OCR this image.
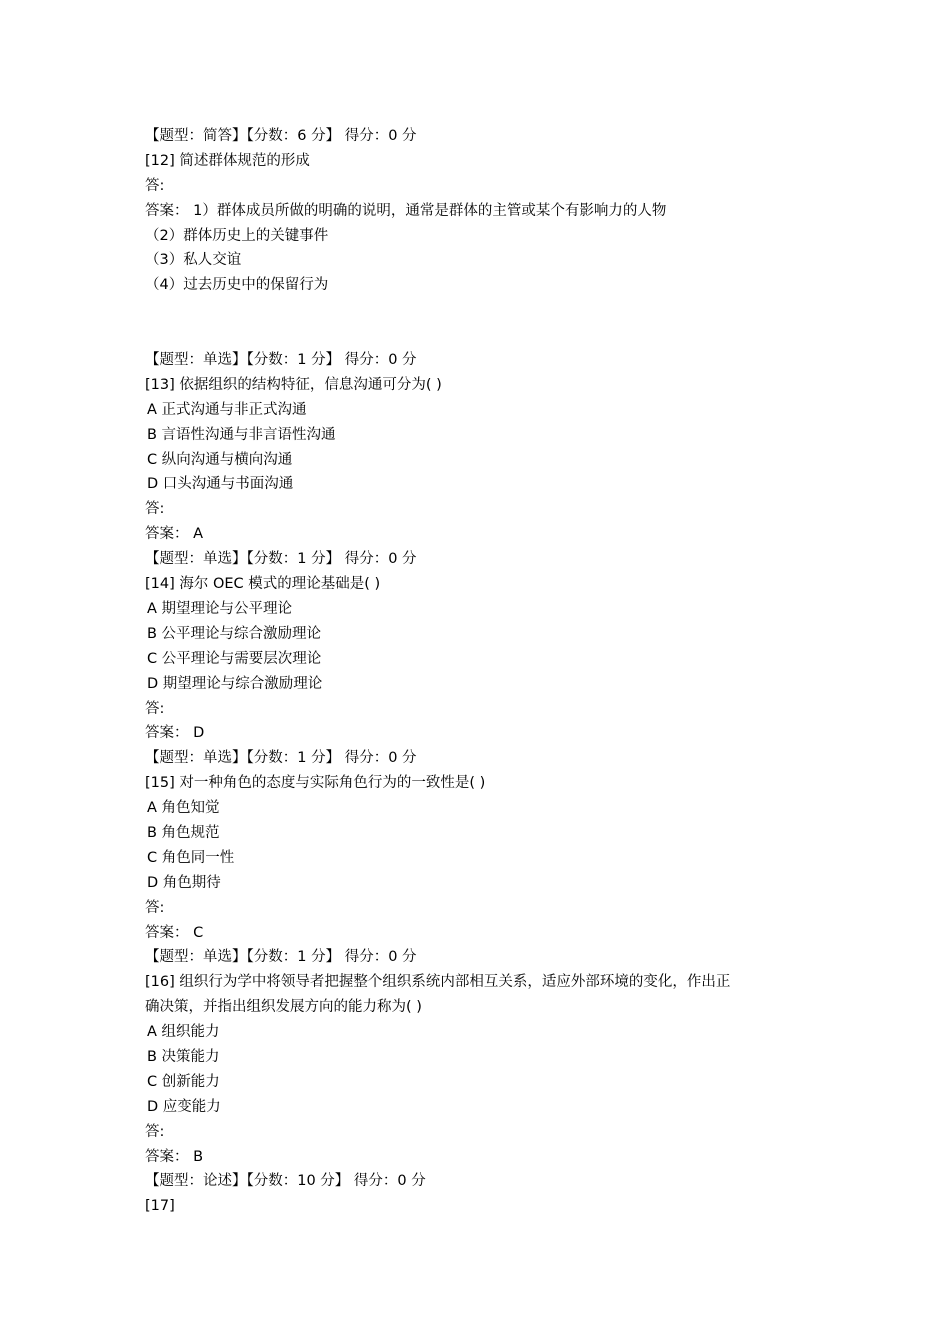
【题型：简答】【分数：6 分】 得分：0 分
[12] 简述群体规范的形成
答:
答案： 1）群体成员所做的明确的说明，通常是群体的主管或某个有影响力的人物
（2）群体历史上的关键事件
（3）私人交谊
（4）过去历史中的保留行为
【题型：单选】【分数：1 分】 得分：0 分
[13] 依据组织的结构特征，信息沟通可分为( )
A 正式沟通与非正式沟通
B 言语性沟通与非言语性沟通
C 纵向沟通与横向沟通
D 口头沟通与书面沟通
答:
答案： A
【题型：单选】【分数：1 分】 得分：0 分
[14] 海尔 OEC 模式的理论基础是( )
A 期望理论与公平理论
B 公平理论与综合激励理论
C 公平理论与需要层次理论
D 期望理论与综合激励理论
答:
答案： D
【题型：单选】【分数：1 分】 得分：0 分
[15] 对一种角色的态度与实际角色行为的一致性是( )
A 角色知觉
B 角色规范
C 角色同一性
D 角色期待
答:
答案： C
【题型：单选】【分数：1 分】 得分：0 分
[16] 组织行为学中将领导者把握整个组织系统内部相互关系，适应外部环境的变化，作出正
确决策，并指出组织发展方向的能力称为( )
A 组织能力
B 决策能力
C 创新能力
D 应变能力
答:
答案： B
【题型：论述】【分数：10 分】 得分：0 分
[17]
